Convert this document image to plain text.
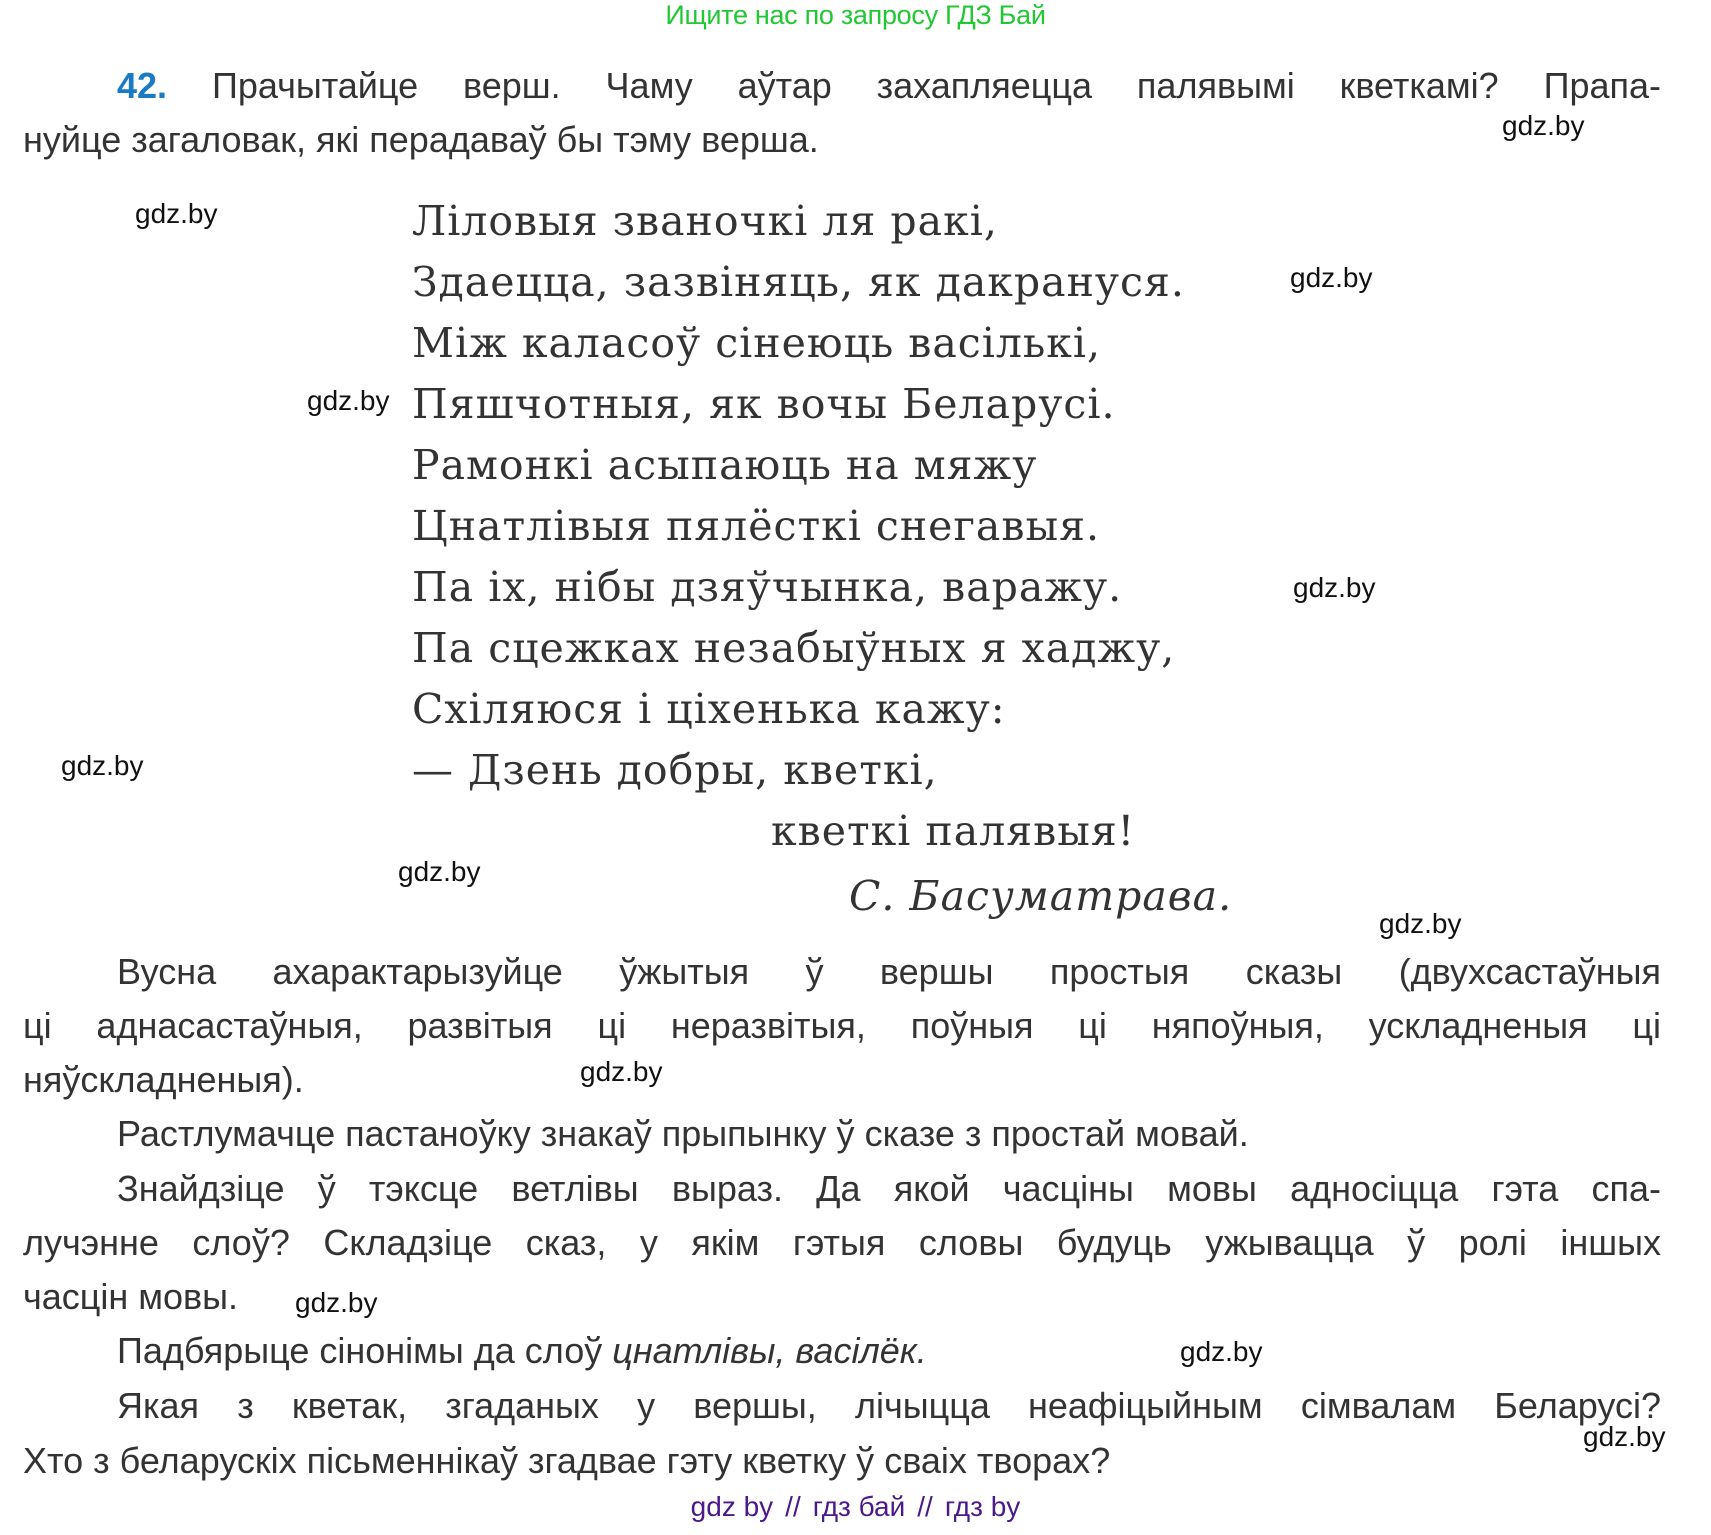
Ищите нас по запросу ГДЗ Бай
42. Прачытайце верш. Чаму аўтар захапляецца палявымі кветкамі? Прапа-
нуйце загаловак, які перадаваў бы тэму верша.
Ліловыя званочкі ля ракі,
Здаецца, зазвіняць, як дакрануся.
Між каласоў сінеюць васількі,
Пяшчотныя, як вочы Беларусі.
Рамонкі асыпаюць на мяжу
Цнатлівыя пялёсткі снегавыя.
Па іх, нібы дзяўчынка, варажу.
Па сцежках незабыўных я хаджу,
Схіляюся і ціхенька кажу:
— Дзень добры, кветкі,
кветкі палявыя!
С. Басуматрава.
Вусна ахарактарызуйце ўжытыя ў вершы простыя сказы (двухсастаўныя
ці аднасастаўныя, развітыя ці неразвітыя, поўныя ці няпоўныя, ускладненыя ці
няўскладненыя).
Растлумачце пастаноўку знакаў прыпынку ў сказе з простай мовай.
Знайдзіце ў тэксце ветлівы выраз. Да якой часціны мовы адносіцца гэта спа-
лучэнне слоў? Складзіце сказ, у якім гэтыя словы будуць ужывацца ў ролі іншых
часцін мовы.
Падбярыце сінонімы да слоў цнатлівы, васілёк.
Якая з кветак, згаданых у вершы, лічыцца неафіцыйным сімвалам Беларусі?
Хто з беларускіх пісьменнікаў згадвае гэту кветку ў сваіх творах?
gdz.by
gdz.by
gdz.by
gdz.by
gdz.by
gdz.by
gdz.by
gdz.by
gdz.by
gdz.by
gdz.by
gdz.by
gdz by // гдз бай // гдз by
